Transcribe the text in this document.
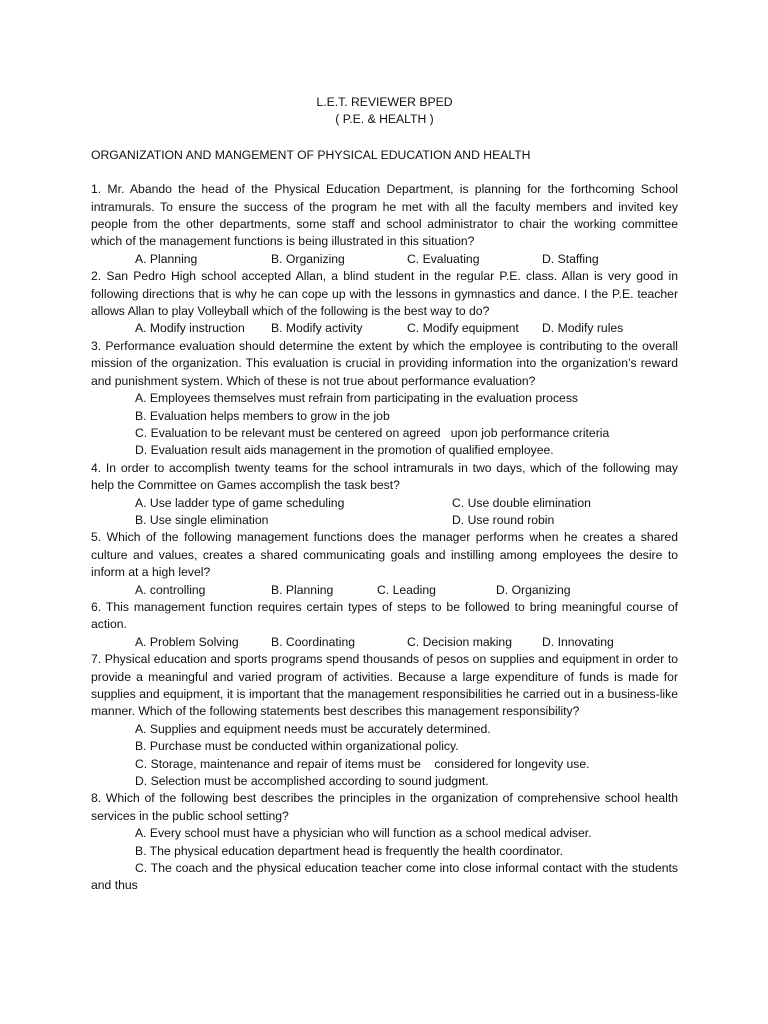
L.E.T. REVIEWER BPED

( P.E. & HEALTH )

ORGANIZATION AND MANGEMENT OF PHYSICAL EDUCATION AND HEALTH

1. Mr. Abando the head of the Physical Education Department, is planning for the forthcoming School intramurals. To ensure the success of the program he met with all the faculty members and invited key people from the other departments, some staff and school administrator to chair the working committee which of the management functions is being illustrated in this situation?

A. Planning	B. Organizing	C. Evaluating	D. Staffing

2. San Pedro High school accepted Allan, a blind student in the regular P.E. class. Allan is very good in following directions that is why he can cope up with the lessons in gymnastics and dance. I the P.E. teacher allows Allan to play Volleyball which of the following is the best way to do?

A. Modify instruction	B. Modify activity	C. Modify equipment	D. Modify rules

3. Performance evaluation should determine the extent by which the employee is contributing to the overall mission of the organization. This evaluation is crucial in providing information into the organization’s reward and punishment system. Which of these is not true about performance evaluation?

A. Employees themselves must refrain from participating in the evaluation process

B. Evaluation helps members to grow in the job

C. Evaluation to be relevant must be centered on agreed   upon job performance criteria

D. Evaluation result aids management in the promotion of qualified employee.

4. In order to accomplish twenty teams for the school intramurals in two days, which of the following may help the Committee on Games accomplish the task best?

A. Use ladder type of game scheduling	C. Use double elimination
B. Use single elimination	D. Use round robin

5. Which of the following management functions does the manager performs when he creates a shared culture and values, creates a shared communicating goals and instilling among employees the desire to inform at a high level?

A. controlling	B. Planning	C. Leading	D. Organizing

6. This management function requires certain types of steps to be followed to bring meaningful course of action.

A. Problem Solving	B. Coordinating	C. Decision making	D. Innovating

7. Physical education and sports programs spend thousands of pesos on supplies and equipment in order to provide a meaningful and varied program of activities. Because a large expenditure of funds is made for supplies and equipment, it is important that the management responsibilities he carried out in a business-like manner. Which of the following statements best describes this management responsibility?

A. Supplies and equipment needs must be accurately determined.

B. Purchase must be conducted within organizational policy.

C. Storage, maintenance and repair of items must be    considered for longevity use.

D. Selection must be accomplished according to sound judgment.

8. Which of the following best describes the principles in the organization of comprehensive school health services in the public school setting?

A. Every school must have a physician who will function as a school medical adviser.

B. The physical education department head is frequently the health coordinator.

C. The coach and the physical education teacher come into close informal contact with the students and thus
